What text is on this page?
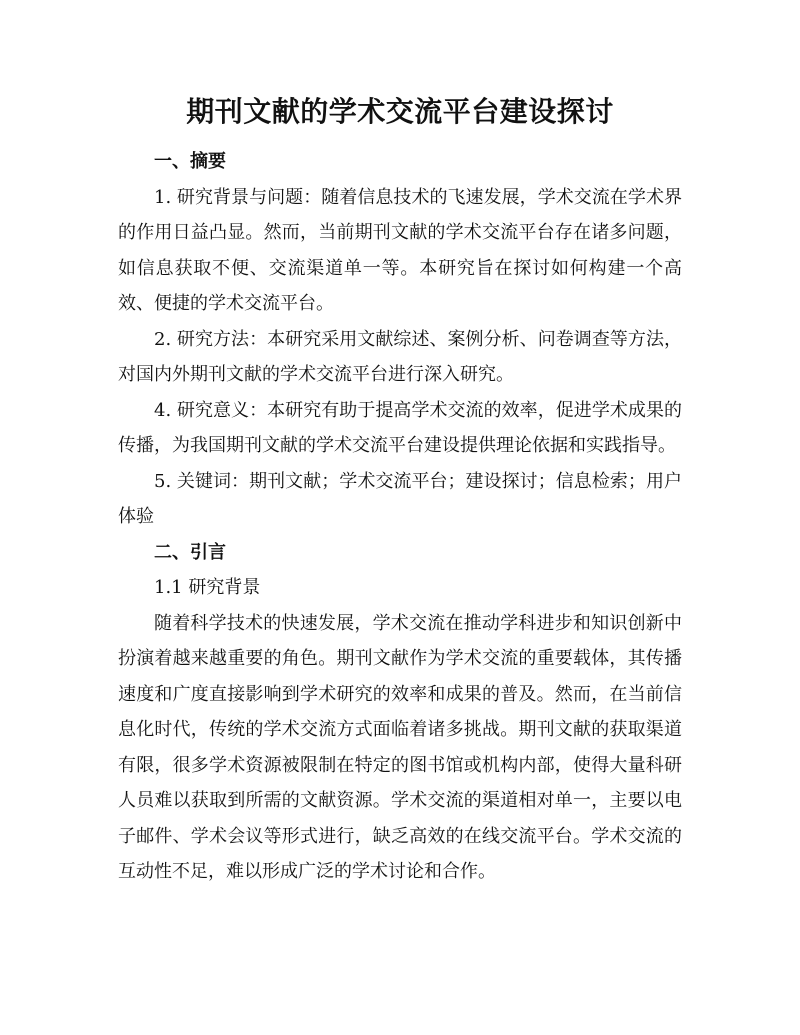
期刊文献的学术交流平台建设探讨

一、摘要

1. 研究背景与问题：随着信息技术的飞速发展，学术交流在学术界的作用日益凸显。然而，当前期刊文献的学术交流平台存在诸多问题，如信息获取不便、交流渠道单一等。本研究旨在探讨如何构建一个高效、便捷的学术交流平台。

2. 研究方法：本研究采用文献综述、案例分析、问卷调查等方法，对国内外期刊文献的学术交流平台进行深入研究。

4. 研究意义：本研究有助于提高学术交流的效率，促进学术成果的传播，为我国期刊文献的学术交流平台建设提供理论依据和实践指导。

5. 关键词：期刊文献；学术交流平台；建设探讨；信息检索；用户体验

二、引言

1.1 研究背景

随着科学技术的快速发展，学术交流在推动学科进步和知识创新中扮演着越来越重要的角色。期刊文献作为学术交流的重要载体，其传播速度和广度直接影响到学术研究的效率和成果的普及。然而，在当前信息化时代，传统的学术交流方式面临着诸多挑战。期刊文献的获取渠道有限，很多学术资源被限制在特定的图书馆或机构内部，使得大量科研人员难以获取到所需的文献资源。学术交流的渠道相对单一，主要以电子邮件、学术会议等形式进行，缺乏高效的在线交流平台。学术交流的互动性不足，难以形成广泛的学术讨论和合作。
